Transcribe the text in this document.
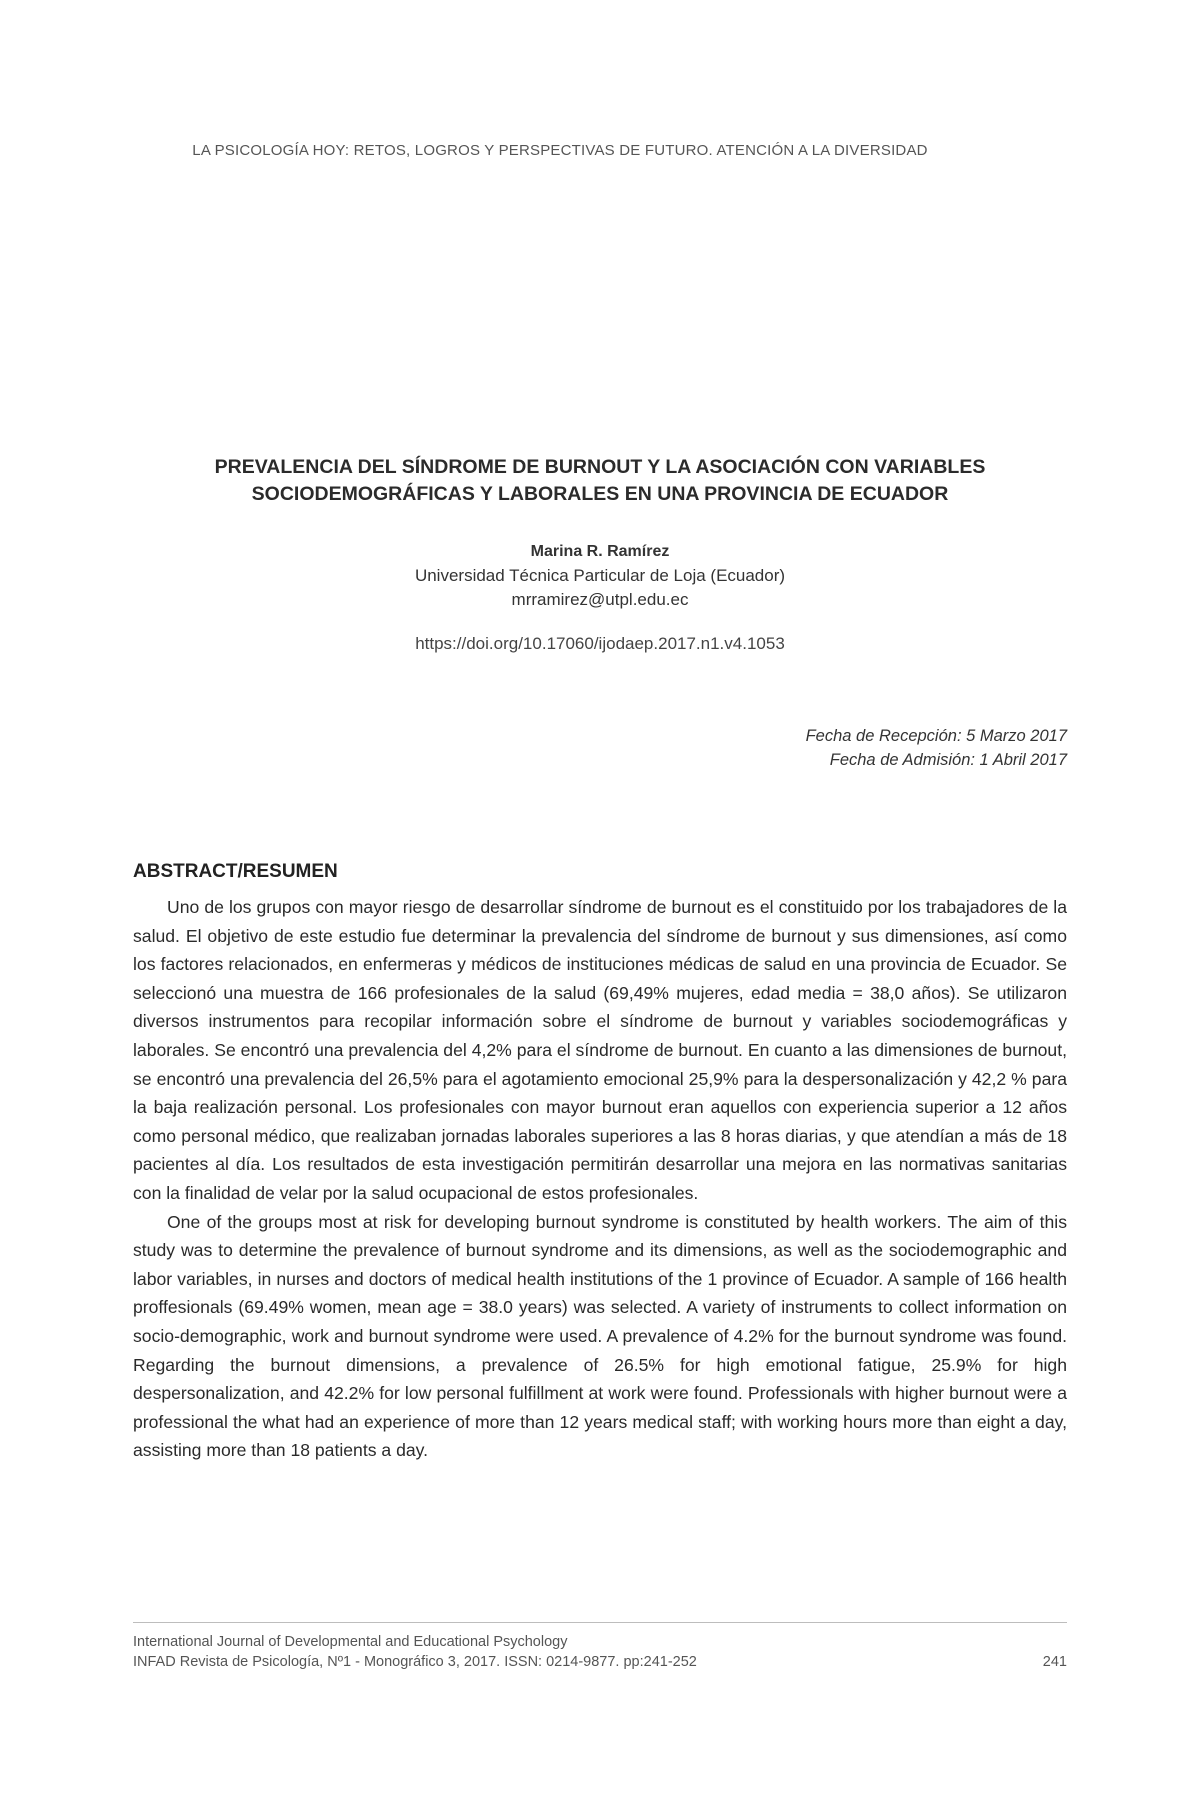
LA PSICOLOGÍA HOY: RETOS, LOGROS Y PERSPECTIVAS DE FUTURO. ATENCIÓN A LA DIVERSIDAD
PREVALENCIA DEL SÍNDROME DE BURNOUT Y LA ASOCIACIÓN CON VARIABLES
SOCIODEMOGRÁFICAS Y LABORALES EN UNA PROVINCIA DE ECUADOR
Marina R. Ramírez
Universidad Técnica Particular de Loja (Ecuador)
mrramirez@utpl.edu.ec
https://doi.org/10.17060/ijodaep.2017.n1.v4.1053
Fecha de Recepción: 5 Marzo 2017
Fecha de Admisión: 1 Abril 2017
ABSTRACT/RESUMEN

Uno de los grupos con mayor riesgo de desarrollar síndrome de burnout es el constituido por los trabajadores de la salud. El objetivo de este estudio fue determinar la prevalencia del síndrome de burnout y sus dimensiones, así como los factores relacionados, en enfermeras y médicos de instituciones médicas de salud en una provincia de Ecuador. Se seleccionó una muestra de 166 profesionales de la salud (69,49% mujeres, edad media = 38,0 años). Se utilizaron diversos instrumentos para recopilar información sobre el síndrome de burnout y variables sociodemográficas y laborales. Se encontró una prevalencia del 4,2% para el síndrome de burnout. En cuanto a las dimensiones de burnout, se encontró una prevalencia del 26,5% para el agotamiento emocional 25,9% para la despersonalización y 42,2 % para la baja realización personal. Los profesionales con mayor burnout eran aquellos con experiencia superior a 12 años como personal médico, que realizaban jornadas laborales superiores a las 8 horas diarias, y que atendían a más de 18 pacientes al día. Los resultados de esta investigación permitirán desarrollar una mejora en las normativas sanitarias con la finalidad de velar por la salud ocupacional de estos profesionales.

One of the groups most at risk for developing burnout syndrome is constituted by health workers. The aim of this study was to determine the prevalence of burnout syndrome and its dimensions, as well as the sociodemographic and labor variables, in nurses and doctors of medical health institutions of the 1 province of Ecuador. A sample of 166 health proffesionals (69.49% women, mean age = 38.0 years) was selected. A variety of instruments to collect information on socio-demographic, work and burnout syndrome were used. A prevalence of 4.2% for the burnout syndrome was found. Regarding the burnout dimensions, a prevalence of 26.5% for high emotional fatigue, 25.9% for high despersonalization, and 42.2% for low personal fulfillment at work were found. Professionals with higher burnout were a professional the what had an experience of more than 12 years medical staff; with working hours more than eight a day, assisting more than 18 patients a day.

International Journal of Developmental and Educational Psychology
INFAD Revista de Psicología, Nº1 - Monográfico 3, 2017. ISSN: 0214-9877. pp:241-252	241
